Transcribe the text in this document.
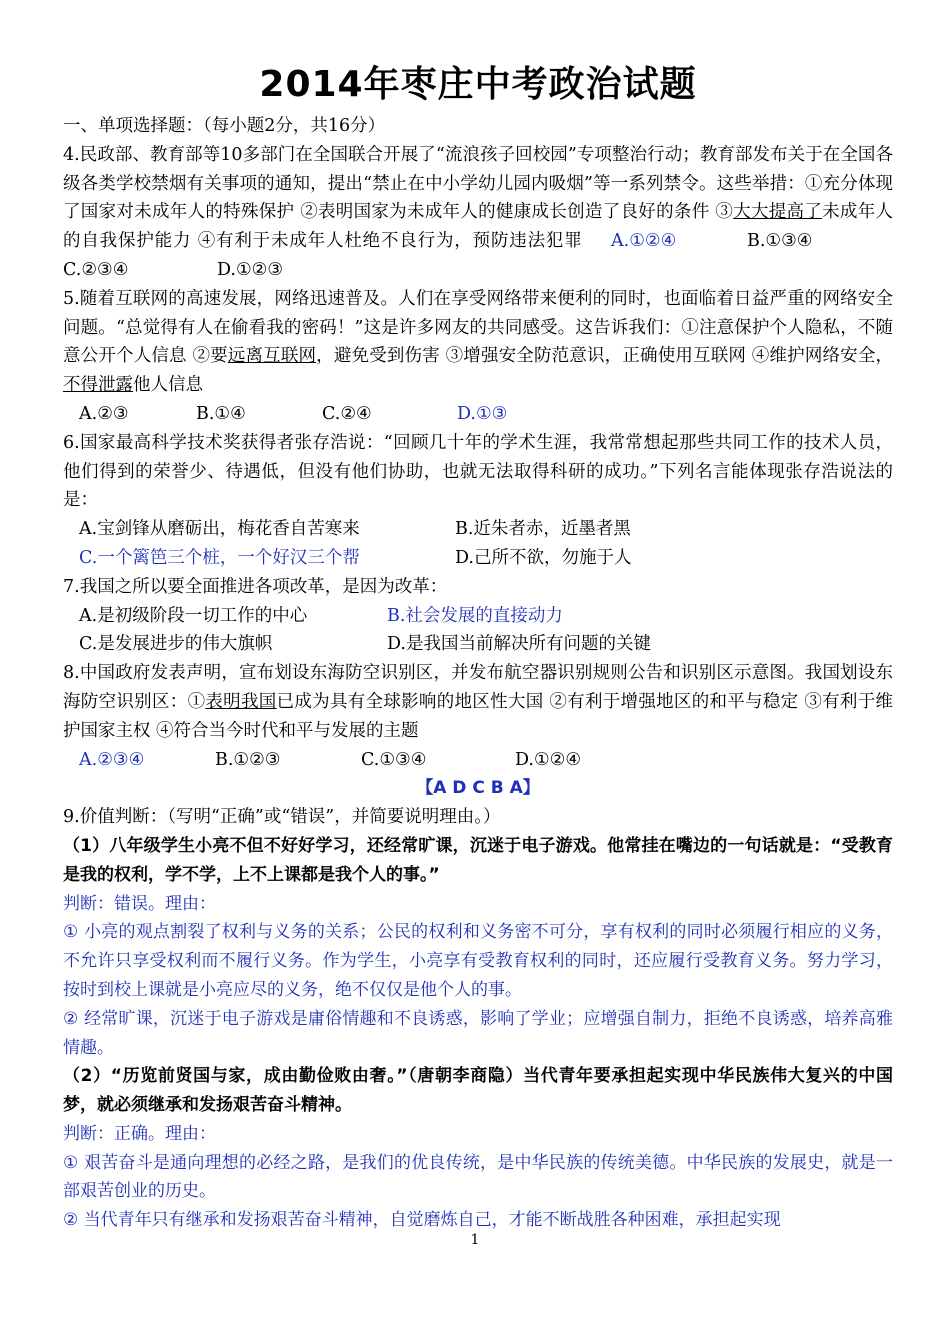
2014年枣庄中考政治试题
一、单项选择题：（每小题2分，共16分）
4.民政部、教育部等10多部门在全国联合开展了“流浪孩子回校园”专项整治行动；教育部发布关于在全国各级各类学校禁烟有关事项的通知，提出“禁止在中小学幼儿园内吸烟”等一系列禁令。这些举措：①充分体现了国家对未成年人的特殊保护 ②表明国家为未成年人的健康成长创造了良好的条件 ③大大提高了未成年人的自我保护能力 ④有利于未成年人杜绝不良行为，预防违法犯罪 A.①②④	B.①③④C.②③④	D.①②③
5.随着互联网的高速发展，网络迅速普及。人们在享受网络带来便利的同时，也面临着日益严重的网络安全问题。“总觉得有人在偷看我的密码！”这是许多网友的共同感受。这告诉我们：①注意保护个人隐私，不随意公开个人信息 ②要远离互联网，避免受到伤害 ③增强安全防范意识，正确使用互联网 ④维护网络安全，不得泄露他人信息
A.②③	B.①④	C.②④	D.①③
6.国家最高科学技术奖获得者张存浩说：“回顾几十年的学术生涯，我常常想起那些共同工作的技术人员，他们得到的荣誉少、待遇低，但没有他们协助，也就无法取得科研的成功。”下列名言能体现张存浩说法的是：
A.宝剑锋从磨砺出，梅花香自苦寒来	B.近朱者赤，近墨者黑
C.一个篱笆三个桩，一个好汉三个帮	D.己所不欲，勿施于人
7.我国之所以要全面推进各项改革，是因为改革：
A.是初级阶段一切工作的中心	B.社会发展的直接动力
C.是发展进步的伟大旗帜	D.是我国当前解决所有问题的关键
8.中国政府发表声明，宣布划设东海防空识别区，并发布航空器识别规则公告和识别区示意图。我国划设东海防空识别区：①表明我国已成为具有全球影响的地区性大国 ②有利于增强地区的和平与稳定 ③有利于维护国家主权 ④符合当今时代和平与发展的主题
A.②③④	B.①②③	C.①③④	D.①②④
【A D C B A】
9.价值判断：（写明“正确”或“错误”，并简要说明理由。）
（1）八年级学生小亮不但不好好学习，还经常旷课，沉迷于电子游戏。他常挂在嘴边的一句话就是：“受教育是我的权利，学不学，上不上课都是我个人的事。”
判断：错误。理由：
① 小亮的观点割裂了权利与义务的关系；公民的权利和义务密不可分，享有权利的同时必须履行相应的义务，不允许只享受权利而不履行义务。作为学生，小亮享有受教育权利的同时，还应履行受教育义务。努力学习，按时到校上课就是小亮应尽的义务，绝不仅仅是他个人的事。
② 经常旷课，沉迷于电子游戏是庸俗情趣和不良诱惑，影响了学业；应增强自制力，拒绝不良诱惑，培养高雅情趣。
（2）“历览前贤国与家，成由勤俭败由奢。”（唐朝李商隐）当代青年要承担起实现中华民族伟大复兴的中国梦，就必须继承和发扬艰苦奋斗精神。
判断：正确。理由：
① 艰苦奋斗是通向理想的必经之路，是我们的优良传统，是中华民族的传统美德。中华民族的发展史，就是一部艰苦创业的历史。
② 当代青年只有继承和发扬艰苦奋斗精神，自觉磨炼自己，才能不断战胜各种困难，承担起实现
1
